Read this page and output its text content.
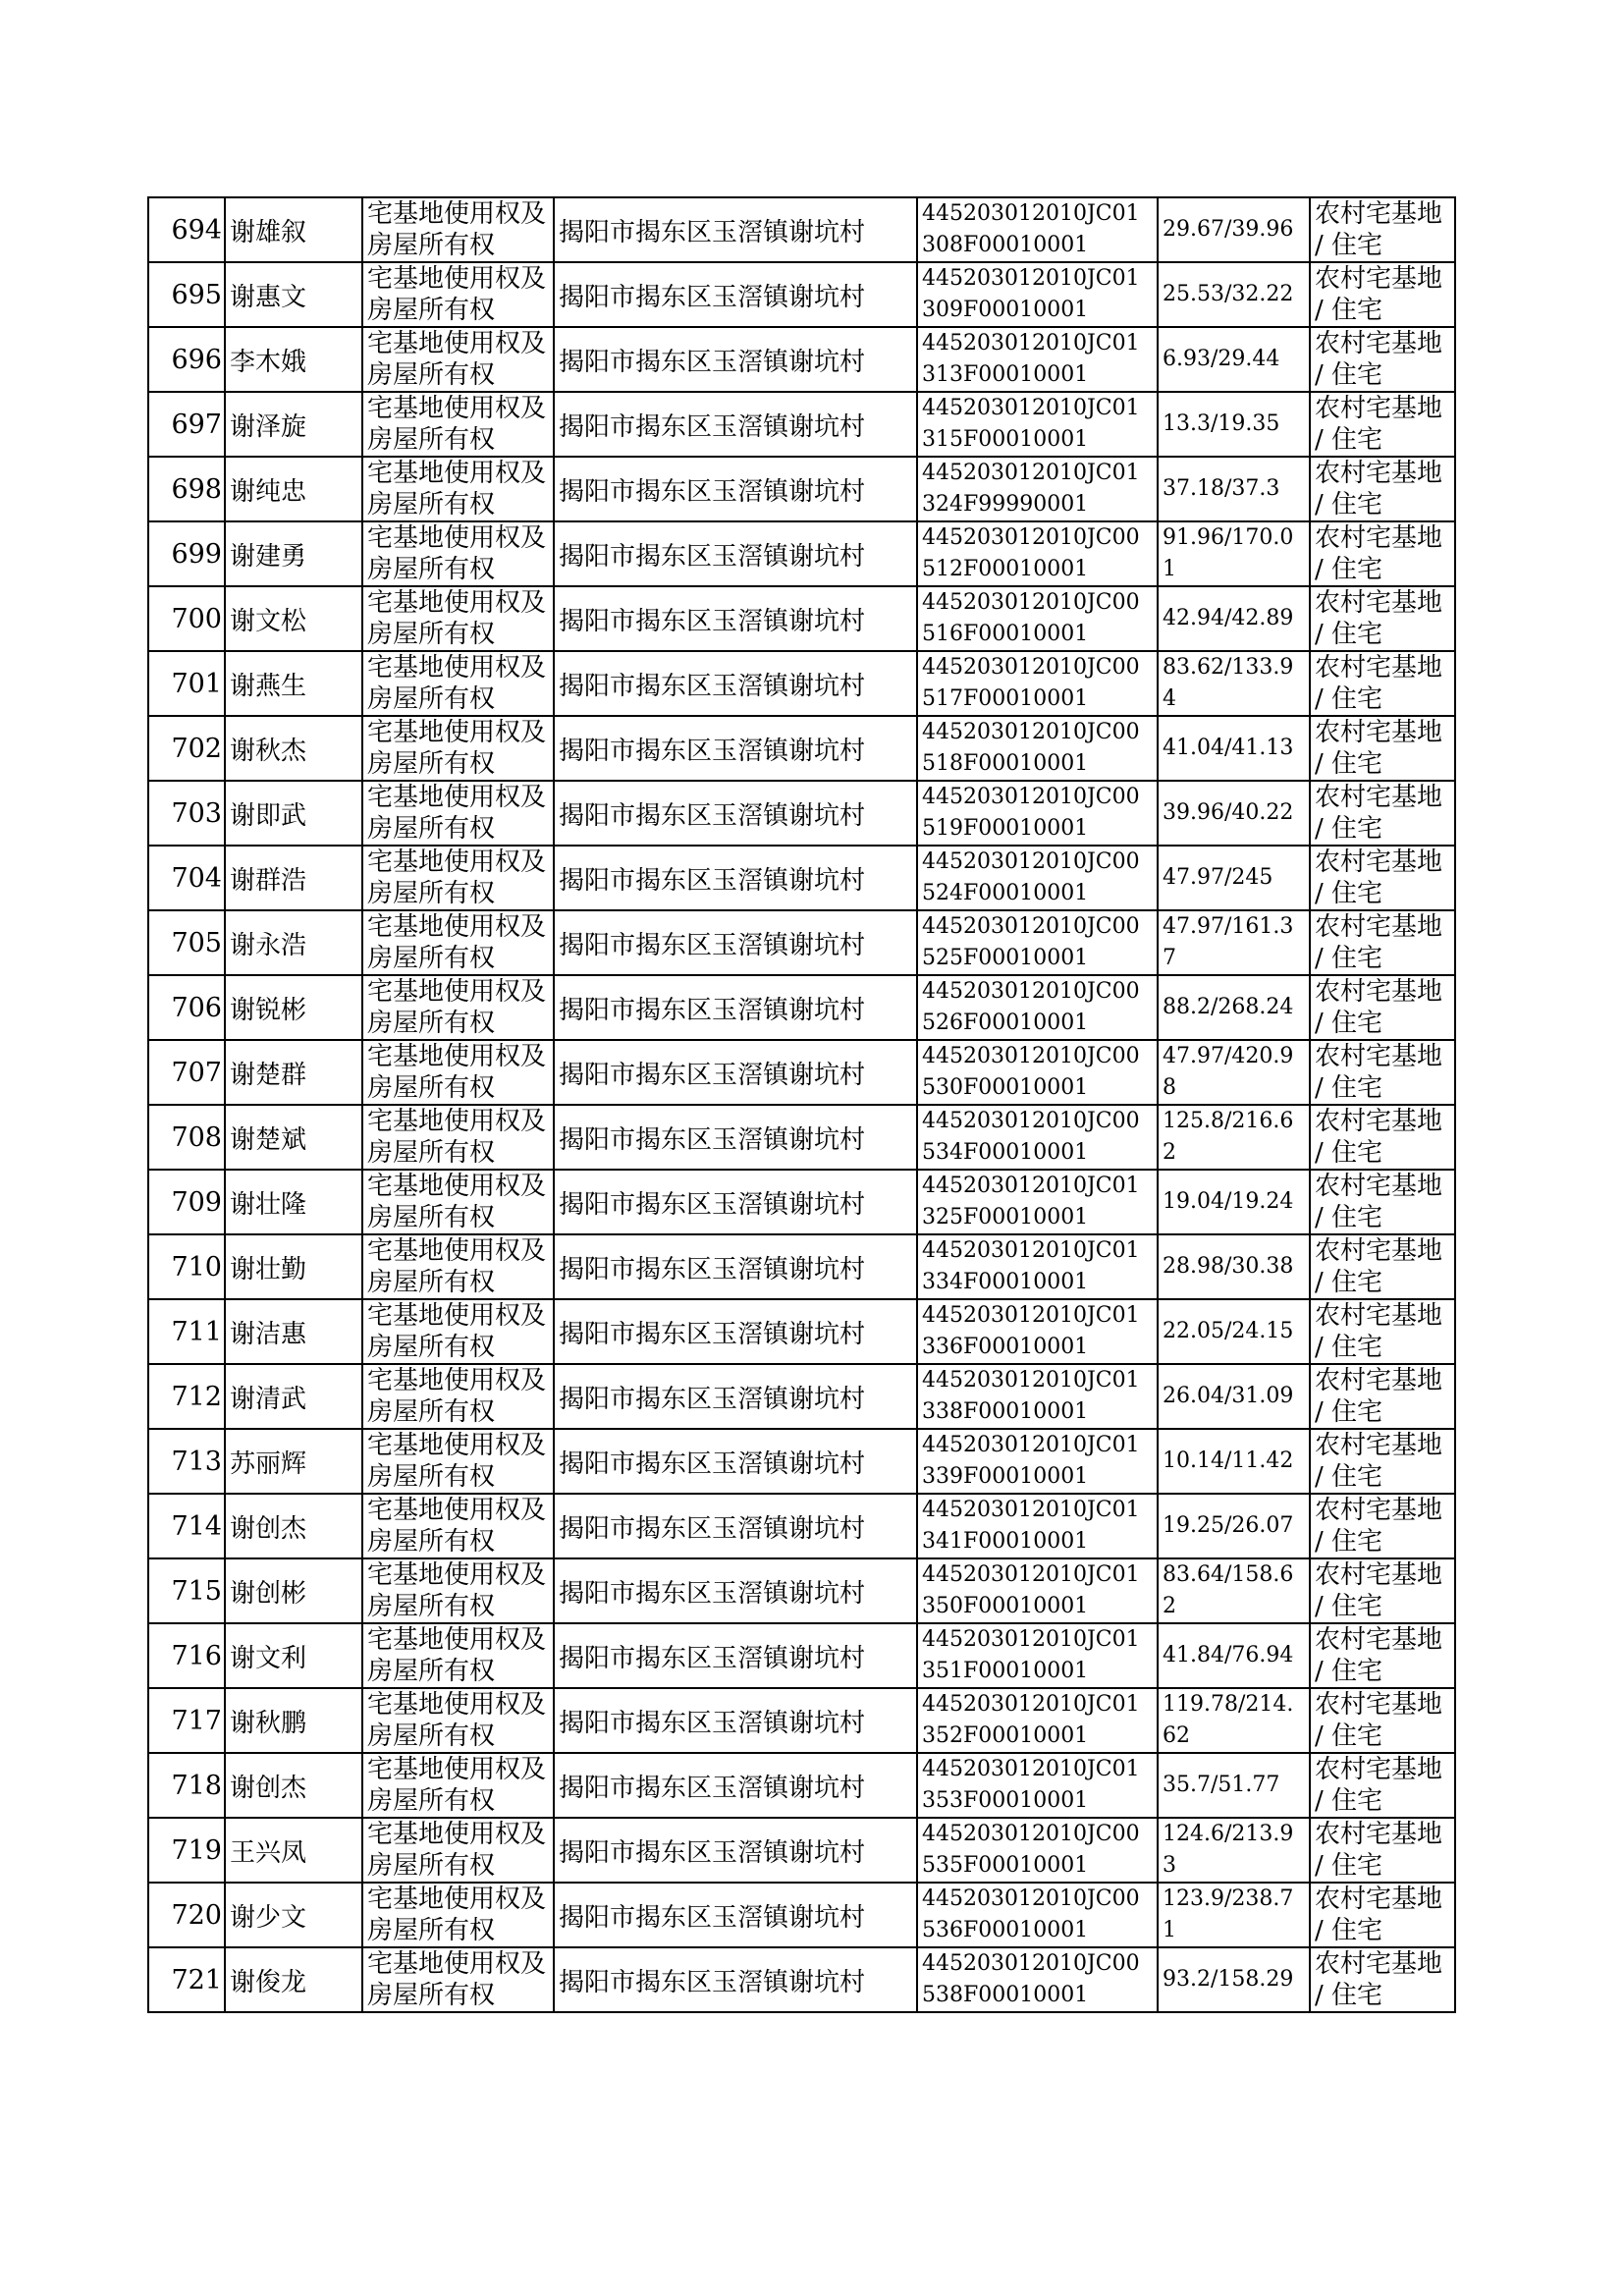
694	谢雄叙	宅基地使用权及房屋所有权	揭阳市揭东区玉滘镇谢坑村	445203012010JC01308F00010001	29.67/39.96	农村宅基地 / 住宅
695	谢惠文	宅基地使用权及房屋所有权	揭阳市揭东区玉滘镇谢坑村	445203012010JC01309F00010001	25.53/32.22	农村宅基地 / 住宅
696	李木娥	宅基地使用权及房屋所有权	揭阳市揭东区玉滘镇谢坑村	445203012010JC01313F00010001	6.93/29.44	农村宅基地 / 住宅
697	谢泽旋	宅基地使用权及房屋所有权	揭阳市揭东区玉滘镇谢坑村	445203012010JC01315F00010001	13.3/19.35	农村宅基地 / 住宅
698	谢纯忠	宅基地使用权及房屋所有权	揭阳市揭东区玉滘镇谢坑村	445203012010JC01324F99990001	37.18/37.3	农村宅基地 / 住宅
699	谢建勇	宅基地使用权及房屋所有权	揭阳市揭东区玉滘镇谢坑村	445203012010JC00512F00010001	91.96/170.01	农村宅基地 / 住宅
700	谢文松	宅基地使用权及房屋所有权	揭阳市揭东区玉滘镇谢坑村	445203012010JC00516F00010001	42.94/42.89	农村宅基地 / 住宅
701	谢燕生	宅基地使用权及房屋所有权	揭阳市揭东区玉滘镇谢坑村	445203012010JC00517F00010001	83.62/133.94	农村宅基地 / 住宅
702	谢秋杰	宅基地使用权及房屋所有权	揭阳市揭东区玉滘镇谢坑村	445203012010JC00518F00010001	41.04/41.13	农村宅基地 / 住宅
703	谢即武	宅基地使用权及房屋所有权	揭阳市揭东区玉滘镇谢坑村	445203012010JC00519F00010001	39.96/40.22	农村宅基地 / 住宅
704	谢群浩	宅基地使用权及房屋所有权	揭阳市揭东区玉滘镇谢坑村	445203012010JC00524F00010001	47.97/245	农村宅基地 / 住宅
705	谢永浩	宅基地使用权及房屋所有权	揭阳市揭东区玉滘镇谢坑村	445203012010JC00525F00010001	47.97/161.37	农村宅基地 / 住宅
706	谢锐彬	宅基地使用权及房屋所有权	揭阳市揭东区玉滘镇谢坑村	445203012010JC00526F00010001	88.2/268.24	农村宅基地 / 住宅
707	谢楚群	宅基地使用权及房屋所有权	揭阳市揭东区玉滘镇谢坑村	445203012010JC00530F00010001	47.97/420.98	农村宅基地 / 住宅
708	谢楚斌	宅基地使用权及房屋所有权	揭阳市揭东区玉滘镇谢坑村	445203012010JC00534F00010001	125.8/216.62	农村宅基地 / 住宅
709	谢壮隆	宅基地使用权及房屋所有权	揭阳市揭东区玉滘镇谢坑村	445203012010JC01325F00010001	19.04/19.24	农村宅基地 / 住宅
710	谢壮勤	宅基地使用权及房屋所有权	揭阳市揭东区玉滘镇谢坑村	445203012010JC01334F00010001	28.98/30.38	农村宅基地 / 住宅
711	谢洁惠	宅基地使用权及房屋所有权	揭阳市揭东区玉滘镇谢坑村	445203012010JC01336F00010001	22.05/24.15	农村宅基地 / 住宅
712	谢清武	宅基地使用权及房屋所有权	揭阳市揭东区玉滘镇谢坑村	445203012010JC01338F00010001	26.04/31.09	农村宅基地 / 住宅
713	苏丽辉	宅基地使用权及房屋所有权	揭阳市揭东区玉滘镇谢坑村	445203012010JC01339F00010001	10.14/11.42	农村宅基地 / 住宅
714	谢创杰	宅基地使用权及房屋所有权	揭阳市揭东区玉滘镇谢坑村	445203012010JC01341F00010001	19.25/26.07	农村宅基地 / 住宅
715	谢创彬	宅基地使用权及房屋所有权	揭阳市揭东区玉滘镇谢坑村	445203012010JC01350F00010001	83.64/158.62	农村宅基地 / 住宅
716	谢文利	宅基地使用权及房屋所有权	揭阳市揭东区玉滘镇谢坑村	445203012010JC01351F00010001	41.84/76.94	农村宅基地 / 住宅
717	谢秋鹏	宅基地使用权及房屋所有权	揭阳市揭东区玉滘镇谢坑村	445203012010JC01352F00010001	119.78/214.62	农村宅基地 / 住宅
718	谢创杰	宅基地使用权及房屋所有权	揭阳市揭东区玉滘镇谢坑村	445203012010JC01353F00010001	35.7/51.77	农村宅基地 / 住宅
719	王兴凤	宅基地使用权及房屋所有权	揭阳市揭东区玉滘镇谢坑村	445203012010JC00535F00010001	124.6/213.93	农村宅基地 / 住宅
720	谢少文	宅基地使用权及房屋所有权	揭阳市揭东区玉滘镇谢坑村	445203012010JC00536F00010001	123.9/238.71	农村宅基地 / 住宅
721	谢俊龙	宅基地使用权及房屋所有权	揭阳市揭东区玉滘镇谢坑村	445203012010JC00538F00010001	93.2/158.29	农村宅基地 / 住宅
